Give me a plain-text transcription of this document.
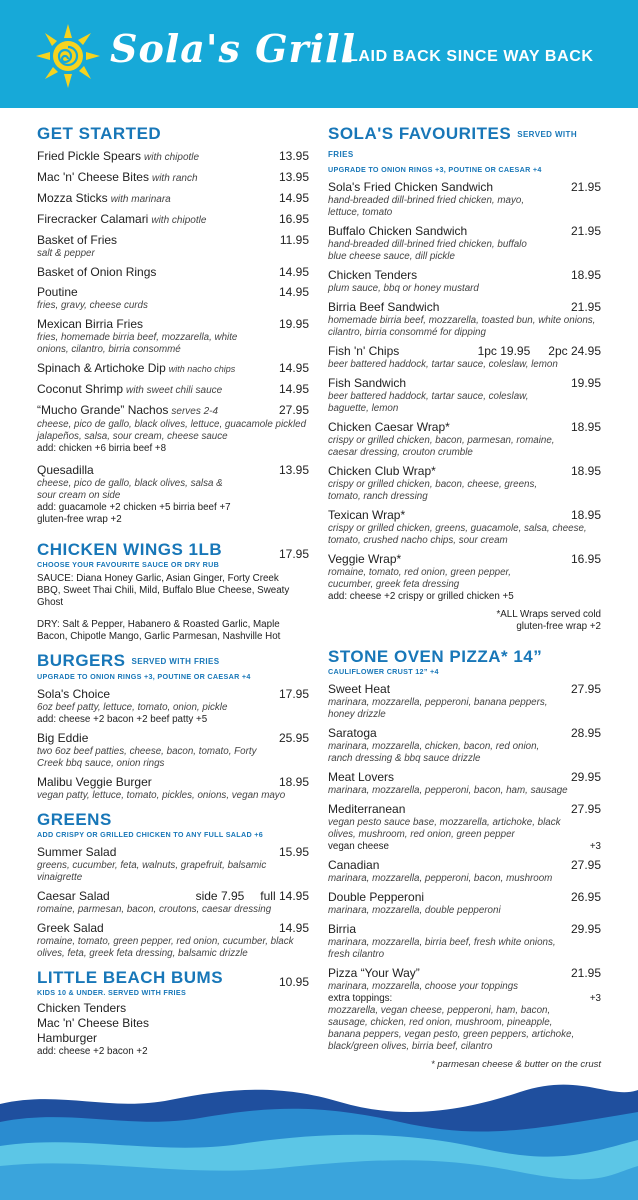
Sola's Grill
LAID BACK SINCE WAY BACK
GET STARTED
Fried Pickle Spears with chipotle	13.95
Mac 'n' Cheese Bites with ranch	13.95
Mozza Sticks with marinara	14.95
Firecracker Calamari with chipotle	16.95
Basket of Fries	11.95
salt & pepper
Basket of Onion Rings	14.95
Poutine	14.95
fries, gravy, cheese curds
Mexican Birria Fries	19.95
fries, homemade birria beef, mozzarella, white onions, cilantro, birria consommé
Spinach & Artichoke Dip with nacho chips	14.95
Coconut Shrimp with sweet chili sauce	14.95
“Mucho Grande” Nachos serves 2-4	27.95
cheese, pico de gallo, black olives, lettuce, guacamole pickled jalapeños, salsa, sour cream, cheese sauce
add: chicken +6 birria beef +8
Quesadilla	13.95
cheese, pico de gallo, black olives, salsa & sour cream on side
add: guacamole +2 chicken +5 birria beef +7
gluten-free wrap +2
CHICKEN WINGS 1LB	17.95
CHOOSE YOUR FAVOURITE SAUCE OR DRY RUB
SAUCE: Diana Honey Garlic, Asian Ginger, Forty Creek BBQ, Sweet Thai Chili, Mild, Buffalo Blue Cheese, Sweaty Ghost
DRY: Salt & Pepper, Habanero & Roasted Garlic, Maple Bacon, Chipotle Mango, Garlic Parmesan, Nashville Hot
BURGERS SERVED WITH FRIES
UPGRADE TO ONION RINGS +3, POUTINE OR CAESAR +4
Sola's Choice	17.95
6oz beef patty, lettuce, tomato, onion, pickle
add: cheese +2 bacon +2 beef patty +5
Big Eddie	25.95
two 6oz beef patties, cheese, bacon, tomato, Forty Creek bbq sauce, onion rings
Malibu Veggie Burger	18.95
vegan patty, lettuce, tomato, pickles, onions, vegan mayo
GREENS
ADD CRISPY OR GRILLED CHICKEN TO ANY FULL SALAD +6
Summer Salad	15.95
greens, cucumber, feta, walnuts, grapefruit, balsamic vinaigrette
Caesar Salad	side 7.95 full 14.95
romaine, parmesan, bacon, croutons, caesar dressing
Greek Salad	14.95
romaine, tomato, green pepper, red onion, cucumber, black olives, feta, greek feta dressing, balsamic drizzle
LITTLE BEACH BUMS	10.95
KIDS 10 & UNDER. SERVED WITH FRIES
Chicken Tenders
Mac 'n' Cheese Bites
Hamburger
add: cheese +2 bacon +2
SOLA'S FAVOURITES SERVED WITH FRIES
UPGRADE TO ONION RINGS +3, POUTINE OR CAESAR +4
Sola's Fried Chicken Sandwich	21.95
hand-breaded dill-brined fried chicken, mayo, lettuce, tomato
Buffalo Chicken Sandwich	21.95
hand-breaded dill-brined fried chicken, buffalo blue cheese sauce, dill pickle
Chicken Tenders	18.95
plum sauce, bbq or honey mustard
Birria Beef Sandwich	21.95
homemade birria beef, mozzarella, toasted bun, white onions, cilantro, birria consommé for dipping
Fish 'n' Chips	1pc 19.95 2pc 24.95
beer battered haddock, tartar sauce, coleslaw, lemon
Fish Sandwich	19.95
beer battered haddock, tartar sauce, coleslaw, baguette, lemon
Chicken Caesar Wrap*	18.95
crispy or grilled chicken, bacon, parmesan, romaine, caesar dressing, crouton crumble
Chicken Club Wrap*	18.95
crispy or grilled chicken, bacon, cheese, greens, tomato, ranch dressing
Texican Wrap*	18.95
crispy or grilled chicken, greens, guacamole, salsa, cheese, tomato, crushed nacho chips, sour cream
Veggie Wrap*	16.95
romaine, tomato, red onion, green pepper, cucumber, greek feta dressing
add: cheese +2 crispy or grilled chicken +5
*ALL Wraps served cold
gluten-free wrap +2
STONE OVEN PIZZA* 14”
CAULIFLOWER CRUST 12” +4
Sweet Heat	27.95
marinara, mozzarella, pepperoni, banana peppers, honey drizzle
Saratoga	28.95
marinara, mozzarella, chicken, bacon, red onion, ranch dressing & bbq sauce drizzle
Meat Lovers	29.95
marinara, mozzarella, pepperoni, bacon, ham, sausage
Mediterranean	27.95
vegan pesto sauce base, mozzarella, artichoke, black olives, mushroom, red onion, green pepper
vegan cheese	+3
Canadian	27.95
marinara, mozzarella, pepperoni, bacon, mushroom
Double Pepperoni	26.95
marinara, mozzarella, double pepperoni
Birria	29.95
marinara, mozzarella, birria beef, fresh white onions, fresh cilantro
Pizza “Your Way”	21.95
marinara, mozzarella, choose your toppings
extra toppings:	+3
mozzarella, vegan cheese, pepperoni, ham, bacon, sausage, chicken, red onion, mushroom, pineapple, banana peppers, vegan pesto, green peppers, artichoke, black/green olives, birria beef, cilantro
* parmesan cheese & butter on the crust
